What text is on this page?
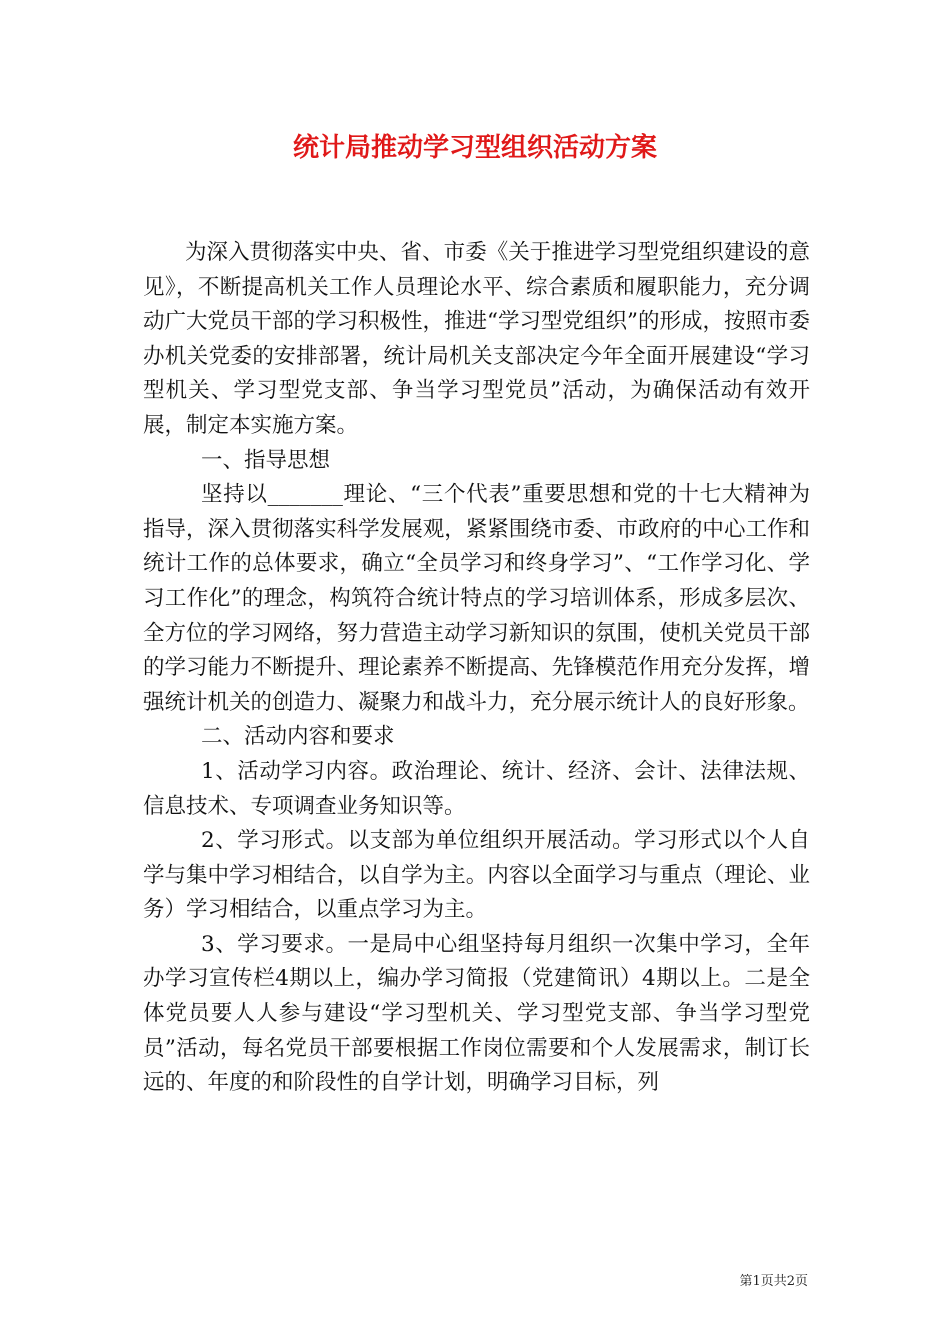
统计局推动学习型组织活动方案

为深入贯彻落实中央、省、市委《关于推进学习型党组织建设的意见》，不断提高机关工作人员理论水平、综合素质和履职能力，充分调动广大党员干部的学习积极性，推进“学习型党组织”的形成，按照市委办机关党委的安排部署，统计局机关支部决定今年全面开展建设“学习型机关、学习型党支部、争当学习型党员”活动，为确保活动有效开展，制定本实施方案。

一、指导思想

坚持以_______理论、“三个代表”重要思想和党的十七大精神为指导，深入贯彻落实科学发展观，紧紧围绕市委、市政府的中心工作和统计工作的总体要求，确立“全员学习和终身学习”、“工作学习化、学习工作化”的理念，构筑符合统计特点的学习培训体系，形成多层次、全方位的学习网络，努力营造主动学习新知识的氛围，使机关党员干部的学习能力不断提升、理论素养不断提高、先锋模范作用充分发挥，增强统计机关的创造力、凝聚力和战斗力，充分展示统计人的良好形象。

二、活动内容和要求

1、活动学习内容。政治理论、统计、经济、会计、法律法规、信息技术、专项调查业务知识等。

2、学习形式。以支部为单位组织开展活动。学习形式以个人自学与集中学习相结合，以自学为主。内容以全面学习与重点（理论、业务）学习相结合，以重点学习为主。

3、学习要求。一是局中心组坚持每月组织一次集中学习，全年办学习宣传栏4期以上，编办学习简报（党建简讯）4期以上。二是全体党员要人人参与建设“学习型机关、学习型党支部、争当学习型党员”活动，每名党员干部要根据工作岗位需要和个人发展需求，制订长远的、年度的和阶段性的自学计划，明确学习目标，列

第1页共2页
